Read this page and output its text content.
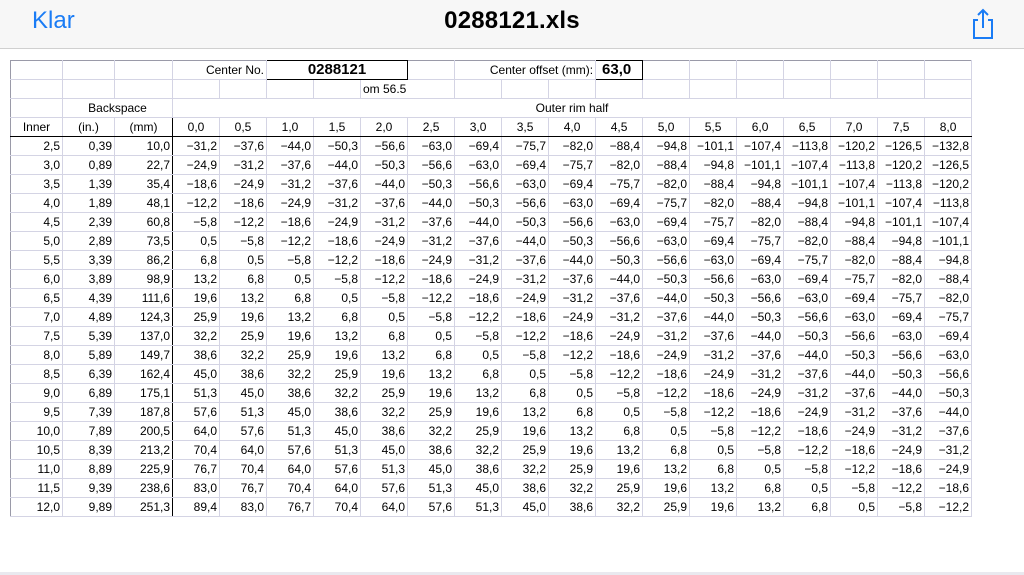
Klar	0288121.xls
			Center No.		0288121				Center offset (mm):			63,0							
							om 56.5												
	Backspace		Outer rim half																
Inner	(in.)	(mm)	0,0	0,5	1,0	1,5	2,0	2,5	3,0	3,5	4,0	4,5	5,0	5,5	6,0	6,5	7,0	7,5	8,0
2,5	0,39	10,0	−31,2	−37,6	−44,0	−50,3	−56,6	−63,0	−69,4	−75,7	−82,0	−88,4	−94,8	−101,1	−107,4	−113,8	−120,2	−126,5	−132,8
3,0	0,89	22,7	−24,9	−31,2	−37,6	−44,0	−50,3	−56,6	−63,0	−69,4	−75,7	−82,0	−88,4	−94,8	−101,1	−107,4	−113,8	−120,2	−126,5
3,5	1,39	35,4	−18,6	−24,9	−31,2	−37,6	−44,0	−50,3	−56,6	−63,0	−69,4	−75,7	−82,0	−88,4	−94,8	−101,1	−107,4	−113,8	−120,2
4,0	1,89	48,1	−12,2	−18,6	−24,9	−31,2	−37,6	−44,0	−50,3	−56,6	−63,0	−69,4	−75,7	−82,0	−88,4	−94,8	−101,1	−107,4	−113,8
4,5	2,39	60,8	−5,8	−12,2	−18,6	−24,9	−31,2	−37,6	−44,0	−50,3	−56,6	−63,0	−69,4	−75,7	−82,0	−88,4	−94,8	−101,1	−107,4
5,0	2,89	73,5	0,5	−5,8	−12,2	−18,6	−24,9	−31,2	−37,6	−44,0	−50,3	−56,6	−63,0	−69,4	−75,7	−82,0	−88,4	−94,8	−101,1
5,5	3,39	86,2	6,8	0,5	−5,8	−12,2	−18,6	−24,9	−31,2	−37,6	−44,0	−50,3	−56,6	−63,0	−69,4	−75,7	−82,0	−88,4	−94,8
6,0	3,89	98,9	13,2	6,8	0,5	−5,8	−12,2	−18,6	−24,9	−31,2	−37,6	−44,0	−50,3	−56,6	−63,0	−69,4	−75,7	−82,0	−88,4
6,5	4,39	111,6	19,6	13,2	6,8	0,5	−5,8	−12,2	−18,6	−24,9	−31,2	−37,6	−44,0	−50,3	−56,6	−63,0	−69,4	−75,7	−82,0
7,0	4,89	124,3	25,9	19,6	13,2	6,8	0,5	−5,8	−12,2	−18,6	−24,9	−31,2	−37,6	−44,0	−50,3	−56,6	−63,0	−69,4	−75,7
7,5	5,39	137,0	32,2	25,9	19,6	13,2	6,8	0,5	−5,8	−12,2	−18,6	−24,9	−31,2	−37,6	−44,0	−50,3	−56,6	−63,0	−69,4
8,0	5,89	149,7	38,6	32,2	25,9	19,6	13,2	6,8	0,5	−5,8	−12,2	−18,6	−24,9	−31,2	−37,6	−44,0	−50,3	−56,6	−63,0
8,5	6,39	162,4	45,0	38,6	32,2	25,9	19,6	13,2	6,8	0,5	−5,8	−12,2	−18,6	−24,9	−31,2	−37,6	−44,0	−50,3	−56,6
9,0	6,89	175,1	51,3	45,0	38,6	32,2	25,9	19,6	13,2	6,8	0,5	−5,8	−12,2	−18,6	−24,9	−31,2	−37,6	−44,0	−50,3
9,5	7,39	187,8	57,6	51,3	45,0	38,6	32,2	25,9	19,6	13,2	6,8	0,5	−5,8	−12,2	−18,6	−24,9	−31,2	−37,6	−44,0
10,0	7,89	200,5	64,0	57,6	51,3	45,0	38,6	32,2	25,9	19,6	13,2	6,8	0,5	−5,8	−12,2	−18,6	−24,9	−31,2	−37,6
10,5	8,39	213,2	70,4	64,0	57,6	51,3	45,0	38,6	32,2	25,9	19,6	13,2	6,8	0,5	−5,8	−12,2	−18,6	−24,9	−31,2
11,0	8,89	225,9	76,7	70,4	64,0	57,6	51,3	45,0	38,6	32,2	25,9	19,6	13,2	6,8	0,5	−5,8	−12,2	−18,6	−24,9
11,5	9,39	238,6	83,0	76,7	70,4	64,0	57,6	51,3	45,0	38,6	32,2	25,9	19,6	13,2	6,8	0,5	−5,8	−12,2	−18,6
12,0	9,89	251,3	89,4	83,0	76,7	70,4	64,0	57,6	51,3	45,0	38,6	32,2	25,9	19,6	13,2	6,8	0,5	−5,8	−12,2
